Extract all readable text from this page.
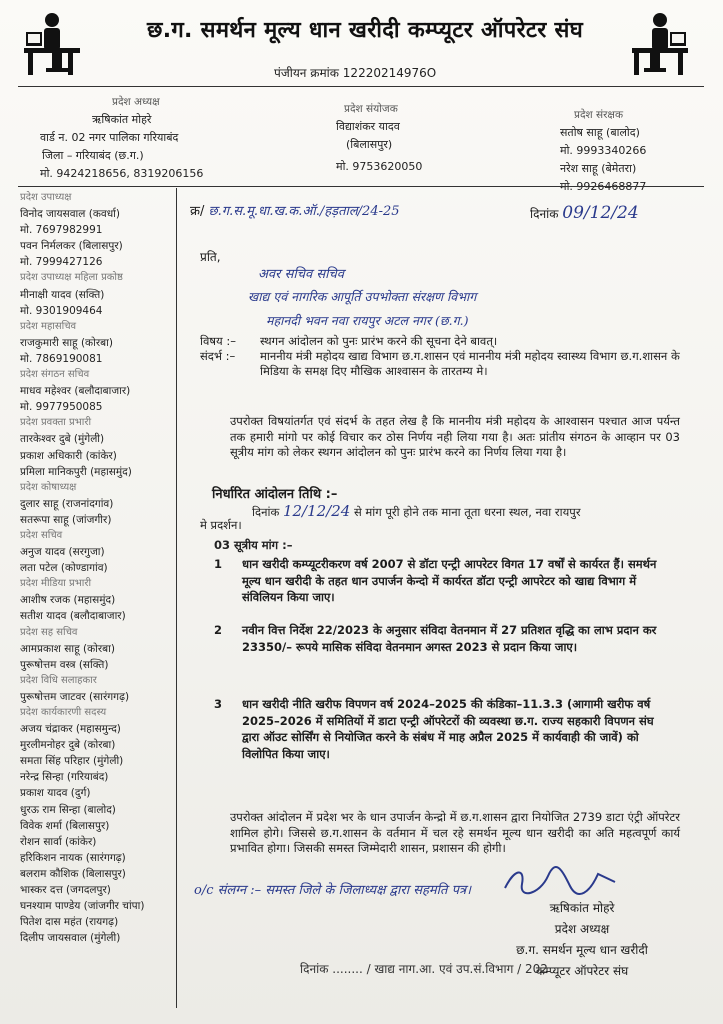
छ.ग. समर्थन मूल्य धान खरीदी कम्प्यूटर ऑपरेटर संघ
पंजीयन क्रमांक 12220214976O
प्रदेश अध्यक्ष
ऋषिकांत मोहरे
वार्ड न. 02 नगर पालिका गरियाबंद
जिला – गरियाबंद (छ.ग.)
मो. 9424218656, 8319206156
प्रदेश संयोजक
विद्याशंकर यादव
(बिलासपुर)
मो. 9753620050
प्रदेश संरक्षक
सतोष साहू (बालोद)
मो. 9993340266
नरेश साहू (बेमेतरा)
मो. 9926468877
प्रदेश उपाध्यक्ष
विनोद जायसवाल (कवर्धा)
मो. 7697982991
पवन निर्मलकर (बिलासपुर)
मो. 7999427126
प्रदेश उपाध्यक्ष महिला प्रकोष्ठ
मीनाक्षी यादव (सक्ति)
मो. 9301909464
प्रदेश महासचिव
राजकुमारी साहू (कोरबा)
मो. 7869190081
प्रदेश संगठन सचिव
माधव महेश्वर (बलौदाबाजार)
मो. 9977950085
प्रदेश प्रवक्ता प्रभारी
तारकेश्वर दुबे (मुंगेली)
प्रकाश अधिकारी (कांकेर)
प्रमिला मानिकपुरी (महासमुंद)
प्रदेश कोषाध्यक्ष
दुलार साहू (राजनांदगांव)
सतरूपा साहू (जांजगीर)
प्रदेश सचिव
अनुज यादव (सरगुजा)
लता पटेल (कोण्डागांव)
प्रदेश मीडिया प्रभारी
आशीष रजक (महासमुंद)
सतीश यादव (बलौदाबाजार)
प्रदेश सह सचिव
आमप्रकाश साहू (कोरबा)
पुरूषोत्तम वस्त्र (सक्ति)
प्रदेश विधि सलाहकार
पुरूषोत्तम जाटवर (सारंगगढ़)
प्रदेश कार्यकारणी सदस्य
अजय चंद्राकर (महासमुन्द)
मुरलीमनोहर दुबे (कोरबा)
समता सिंह परिहार (मुंगेली)
नरेन्द्र सिन्हा (गरियाबंद)
प्रकाश यादव (दुर्ग)
धुरऊ राम सिन्हा (बालोद)
विवेक शर्मा (बिलासपुर)
रोशन सार्वा (कांकेर)
हरिकिशन नायक (सारंगगढ़)
बलराम कौशिक (बिलासपुर)
भास्कर दत्त (जगदलपुर)
घनश्याम पाण्डेय (जांजगीर चांपा)
पितेश दास महंत (रायगढ़)
दिलीप जायसवाल (मुंगेली)
क्र/ छ.ग.स.मू.धा.ख.क.ऑ./हड़ताल/24-25	दिनांक 09/12/24
प्रति,
अवर सचिव सचिव
खाद्य एवं नागरिक आपूर्ति उपभोक्ता संरक्षण विभाग
महानदी भवन नवा रायपुर अटल नगर (छ.ग.)
विषय :– स्थगन आंदोलन को पुनः प्रारंभ करने की सूचना देने बावत्।
संदर्भ :–	माननीय मंत्री महोदय खाद्य विभाग छ.ग.शासन एवं माननीय मंत्री महोदय स्वास्थ्य विभाग छ.ग.शासन के मिडिया के समक्ष दिए मौखिक आश्वासन के तारतम्य मे।
उपरोक्त विषयांतर्गत एवं संदर्भ के तहत लेख है कि माननीय मंत्री महोदय के आश्वासन पश्चात आज पर्यन्त तक हमारी मांगो पर कोई विचार कर ठोस निर्णय नही लिया गया है। अतः प्रांतीय संगठन के आव्हान पर 03 सूत्रीय मांग को लेकर स्थगन आंदोलन को पुनः प्रारंभ करने का निर्णय लिया गया है।
निर्धारित आंदोलन तिथि :–
दिनांक 12/12/24 से मांग पूरी होने तक माना तूता धरना स्थल, नवा रायपुर
मे प्रदर्शन।
03 सूत्रीय मांग :–
1 धान खरीदी कम्प्यूटरीकरण वर्ष 2007 से डॉटा एन्ट्री आपरेटर विगत 17 वर्षों से कार्यरत हैं। समर्थन मूल्य धान खरीदी के तहत धान उपार्जन केन्दो में कार्यरत डॉटा एन्ट्री आपरेटर को खाद्य विभाग में संविलियन किया जाए।
2 नवीन वित्त निर्देश 22/2023 के अनुसार संविदा वेतनमान में 27 प्रतिशत वृद्धि का लाभ प्रदान कर 23350/– रूपये मासिक संविदा वेतनमान अगस्त 2023 से प्रदान किया जाए।
3 धान खरीदी नीति खरीफ विपणन वर्ष 2024–2025 की कंडिका–11.3.3 (आगामी खरीफ वर्ष 2025–2026 में समितियों में डाटा एन्ट्री ऑपरेटरों की व्यवस्था छ.ग. राज्य सहकारी विपणन संघ द्वारा ऑउट सोर्सिंग से नियोजित करने के संबंध में माह अप्रैल 2025 में कार्यवाही की जावें) को विलोपित किया जाए।
उपरोक्त आंदोलन में प्रदेश भर के धान उपार्जन केन्द्रो में छ.ग.शासन द्वारा नियोजित 2739 डाटा एंट्री ऑपरेटर शामिल होगे। जिससे छ.ग.शासन के वर्तमान में चल रहे समर्थन मूल्य धान खरीदी का अति महत्वपूर्ण कार्य प्रभावित होगा। जिसकी समस्त जिम्मेदारी शासन, प्रशासन की होगी।
o/c संलग्न :– समस्त जिले के जिलाध्यक्ष द्वारा सहमति पत्र।
ऋषिकांत मोहरे
प्रदेश अध्यक्ष
छ.ग. समर्थन मूल्य धान खरीदी
कम्प्यूटर ऑपरेटर संघ
दिनांक ........ / खाद्य नाग.आ. एवं उप.सं.विभाग / 202
